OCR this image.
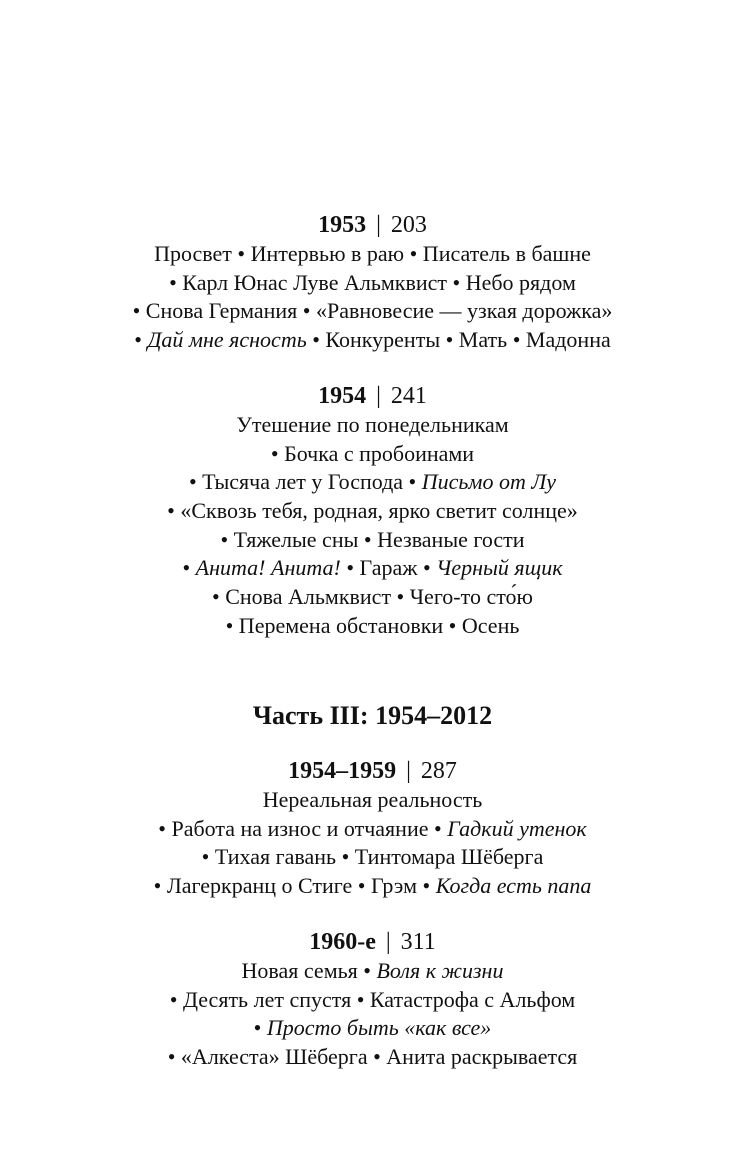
1953 | 203
Просвет • Интервью в раю • Писатель в башне
• Карл Юнас Луве Альмквист • Небо рядом
• Снова Германия • «Равновесие — узкая дорожка»
• Дай мне ясность • Конкуренты • Мать • Мадонна
1954 | 241
Утешение по понедельникам
• Бочка с пробоинами
• Тысяча лет у Господа • Письмо от Лу
• «Сквозь тебя, родная, ярко светит солнце»
• Тяжелые сны • Незваные гости
• Анита! Анита! • Гараж • Черный ящик
• Снова Альмквист • Чего-то сто́ю
• Перемена обстановки • Осень
Часть III: 1954–2012
1954–1959 | 287
Нереальная реальность
• Работа на износ и отчаяние • Гадкий утенок
• Тихая гавань • Тинтомара Шёберга
• Лагеркранц о Стиге • Грэм • Когда есть папа
1960-е | 311
Новая семья • Воля к жизни
• Десять лет спустя • Катастрофа с Альфом
• Просто быть «как все»
• «Алкеста» Шёберга • Анита раскрывается
